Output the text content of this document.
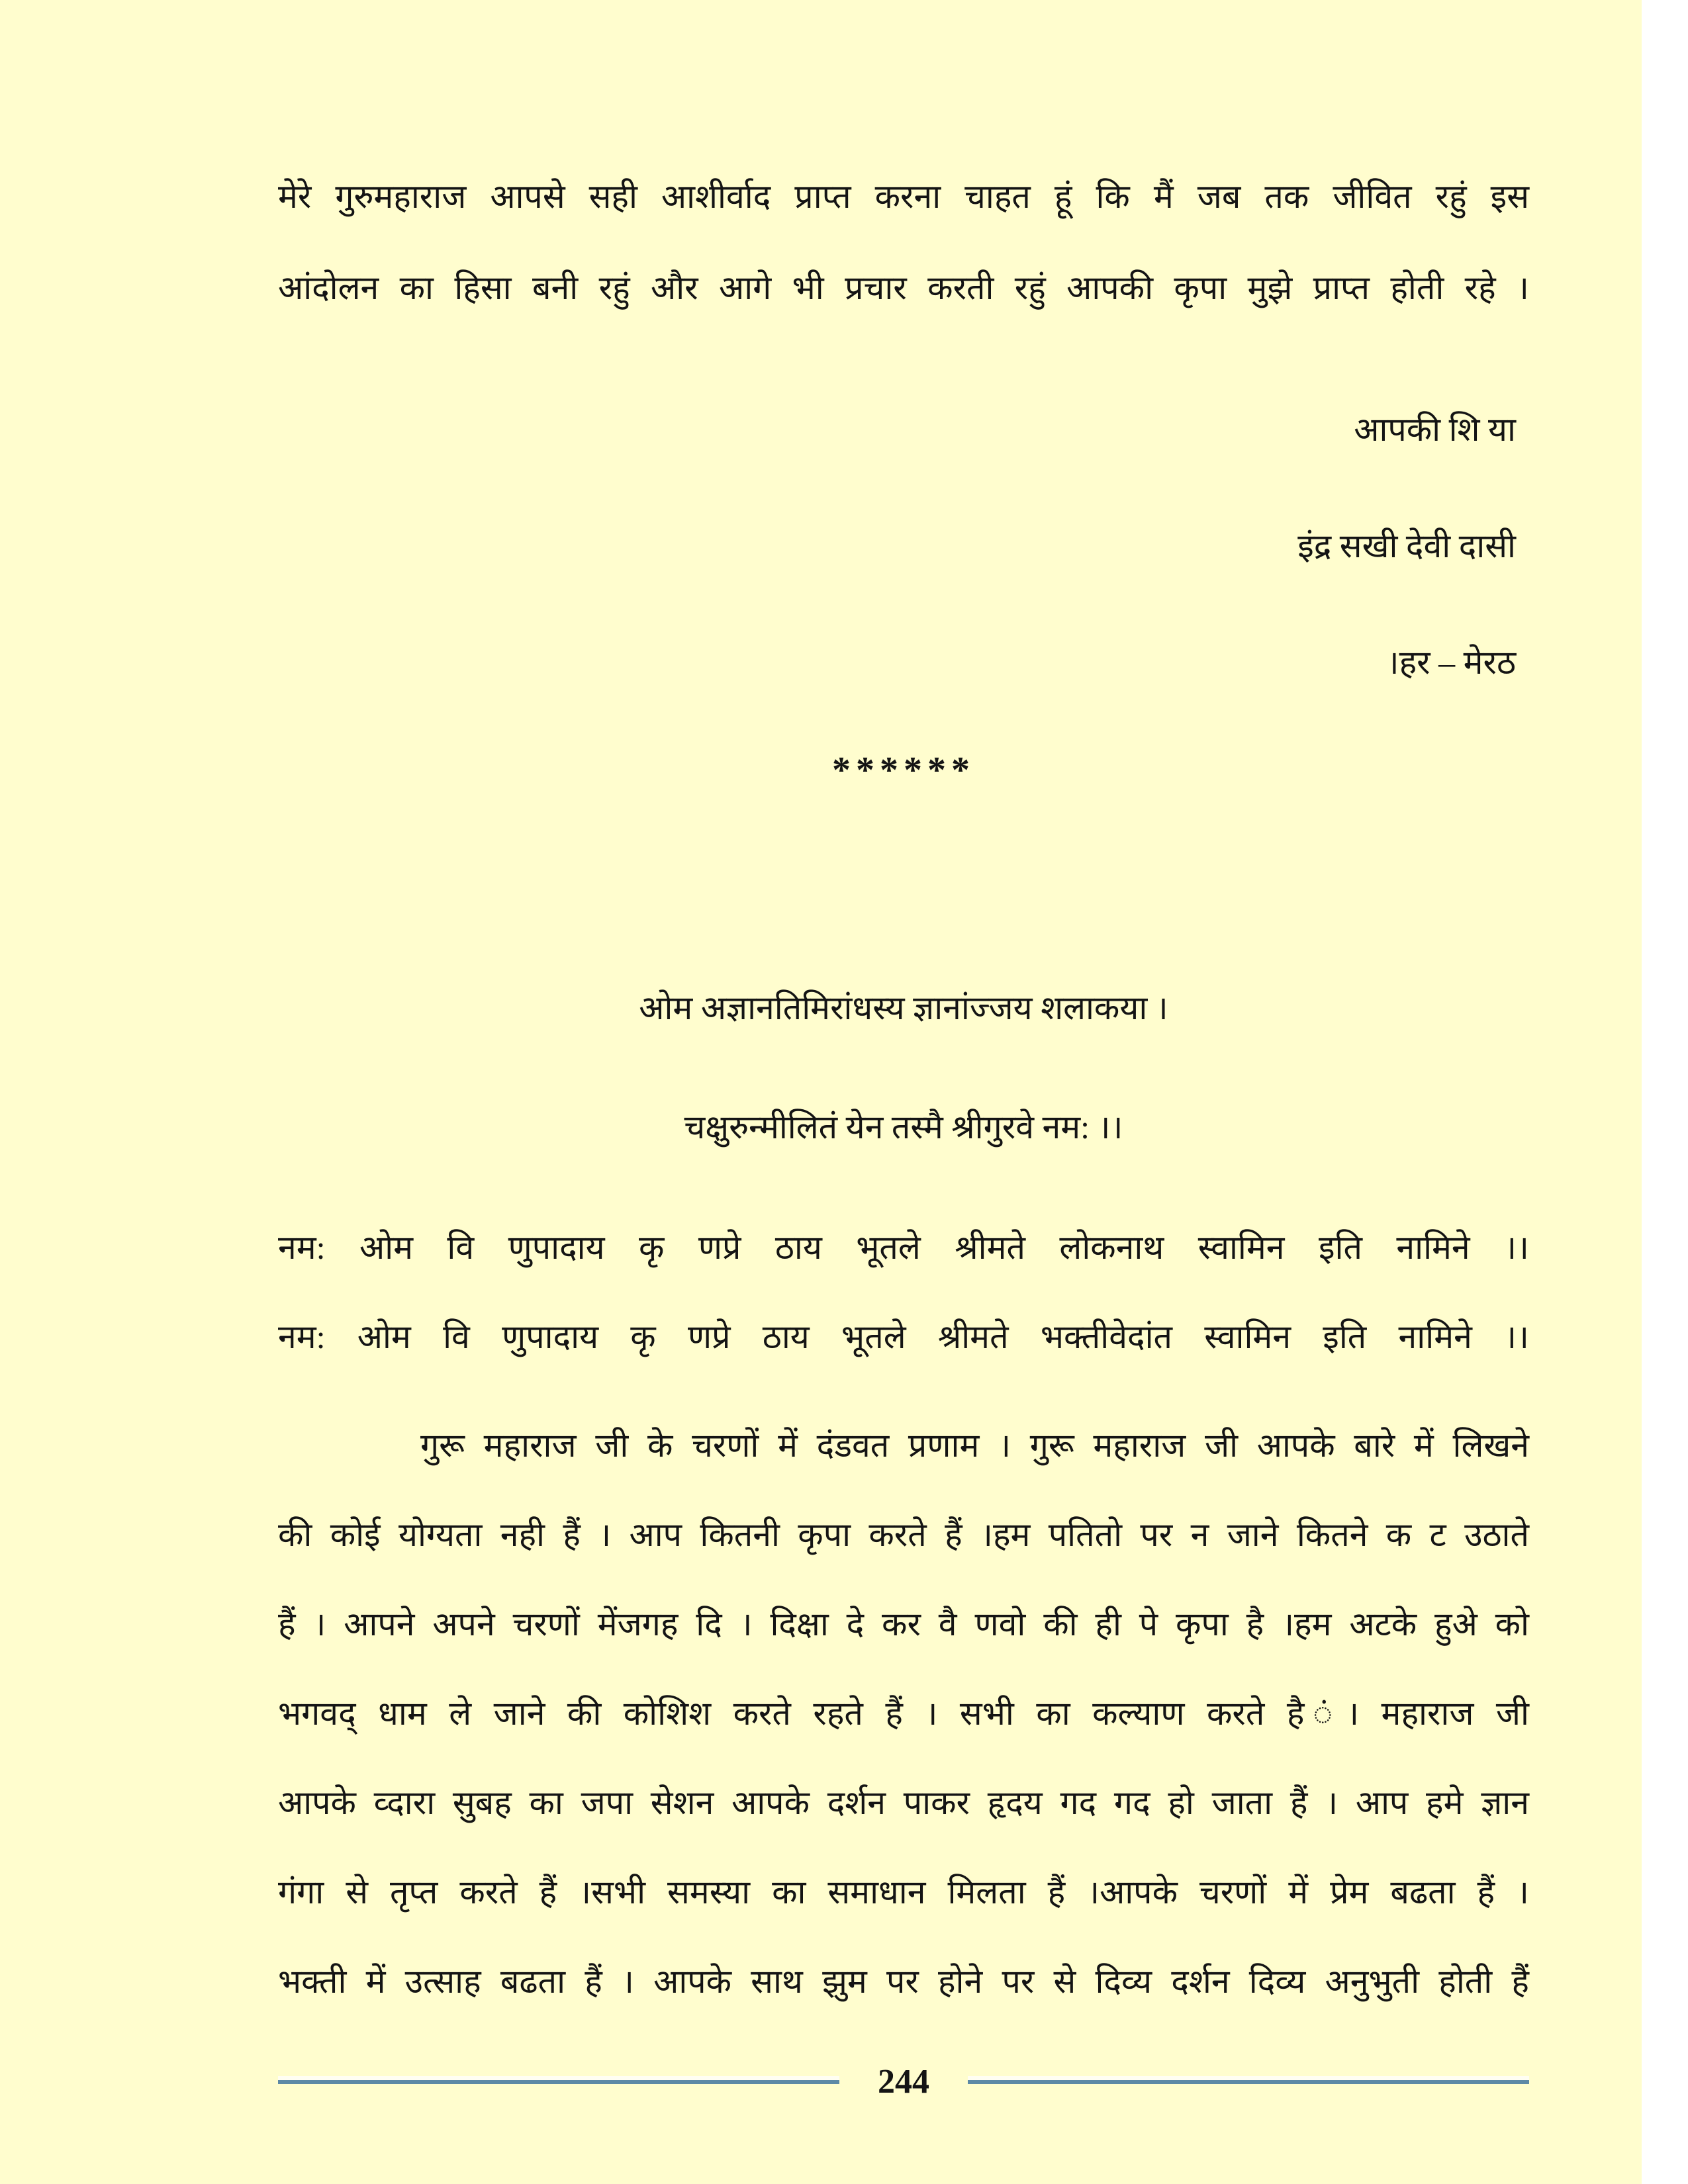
मेरे गुरुमहाराज आपसे सही आशीर्वाद प्राप्त करना चाहत हूं कि मैं जब तक जीवित रहुं इस
आंदोलन का हिसा बनी रहुं और आगे भी प्रचार करती रहुं आपकी कृपा मुझे प्राप्त होती रहे ।
आपकी शि या
इंद्र सखी देवी दासी
।हर – मेरठ
******
ओम अज्ञानतिमिरांधस्य ज्ञानांज्जय शलाकया ।
चक्षुरुन्मीलितं येन तस्मै श्रीगुरवे नम: ।।
नम: ओम वि णुपादाय कृ णप्रे ठाय भूतले श्रीमते लोकनाथ स्वामिन इति नामिने ।।
नम: ओम वि णुपादाय कृ णप्रे ठाय भूतले श्रीमते भक्तीवेदांत स्वामिन इति नामिने ।।
गुरू महाराज जी के चरणों में दंडवत प्रणाम । गुरू महाराज जी आपके बारे में लिखने
की कोई योग्यता नही हैं । आप कितनी कृपा करते हैं ।हम पतितो पर न जाने कितने क ट उठाते
हैं । आपने अपने चरणों मेंजगह दि । दिक्षा दे कर वै णवो की ही पे कृपा है ।हम अटके हुअे को
भगवद् धाम ले जाने की कोशिश करते रहते हैं । सभी का कल्याण करते है ं। महाराज जी
आपके व्दारा सुबह का जपा सेशन आपके दर्शन पाकर हृदय गद गद हो जाता हैं । आप हमे ज्ञान
गंगा से तृप्त करते हैं ।सभी समस्या का समाधान मिलता हैं ।आपके चरणों में प्रेम बढता हैं ।
भक्ती में उत्साह बढता हैं । आपके साथ झुम पर होने पर से दिव्य दर्शन दिव्य अनुभुती होती हैं
244
